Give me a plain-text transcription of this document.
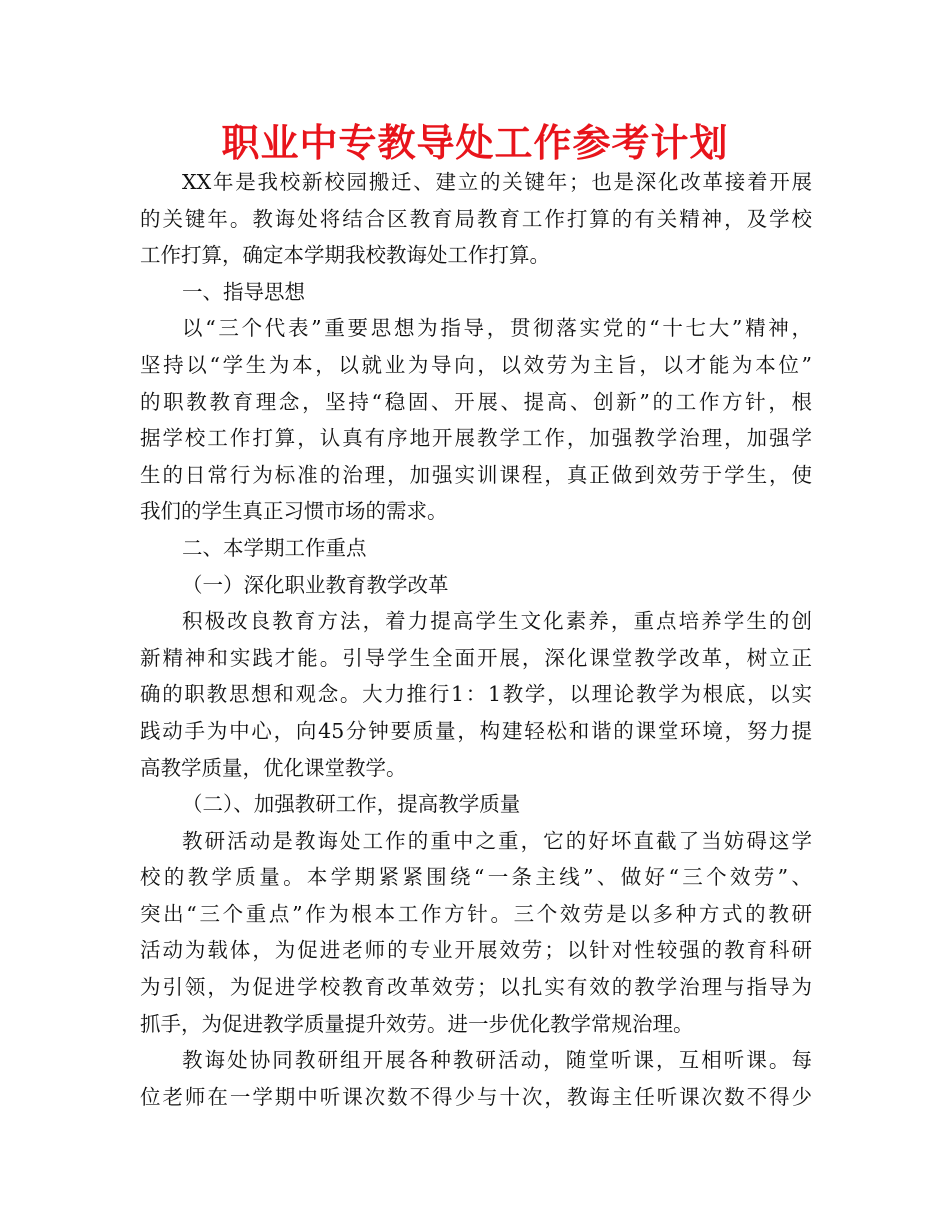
职业中专教导处工作参考计划
XX年是我校新校园搬迁、建立的关键年；也是深化改革接着开展
的关键年。教诲处将结合区教育局教育工作打算的有关精神，及学校
工作打算，确定本学期我校教诲处工作打算。
一、指导思想
以“三个代表”重要思想为指导，贯彻落实党的“十七大”精神，
坚持以“学生为本，以就业为导向，以效劳为主旨，以才能为本位”
的职教教育理念，坚持“稳固、开展、提高、创新”的工作方针，根
据学校工作打算，认真有序地开展教学工作，加强教学治理，加强学
生的日常行为标准的治理，加强实训课程，真正做到效劳于学生，使
我们的学生真正习惯市场的需求。
二、本学期工作重点
（一）深化职业教育教学改革
积极改良教育方法，着力提高学生文化素养，重点培养学生的创
新精神和实践才能。引导学生全面开展，深化课堂教学改革，树立正
确的职教思想和观念。大力推行1：1教学，以理论教学为根底，以实
践动手为中心，向45分钟要质量，构建轻松和谐的课堂环境，努力提
高教学质量，优化课堂教学。
（二）、加强教研工作，提高教学质量
教研活动是教诲处工作的重中之重，它的好坏直截了当妨碍这学
校的教学质量。本学期紧紧围绕“一条主线”、做好“三个效劳”、
突出“三个重点”作为根本工作方针。三个效劳是以多种方式的教研
活动为载体，为促进老师的专业开展效劳；以针对性较强的教育科研
为引领，为促进学校教育改革效劳；以扎实有效的教学治理与指导为
抓手，为促进教学质量提升效劳。进一步优化教学常规治理。
教诲处协同教研组开展各种教研活动，随堂听课，互相听课。每
位老师在一学期中听课次数不得少与十次，教诲主任听课次数不得少
